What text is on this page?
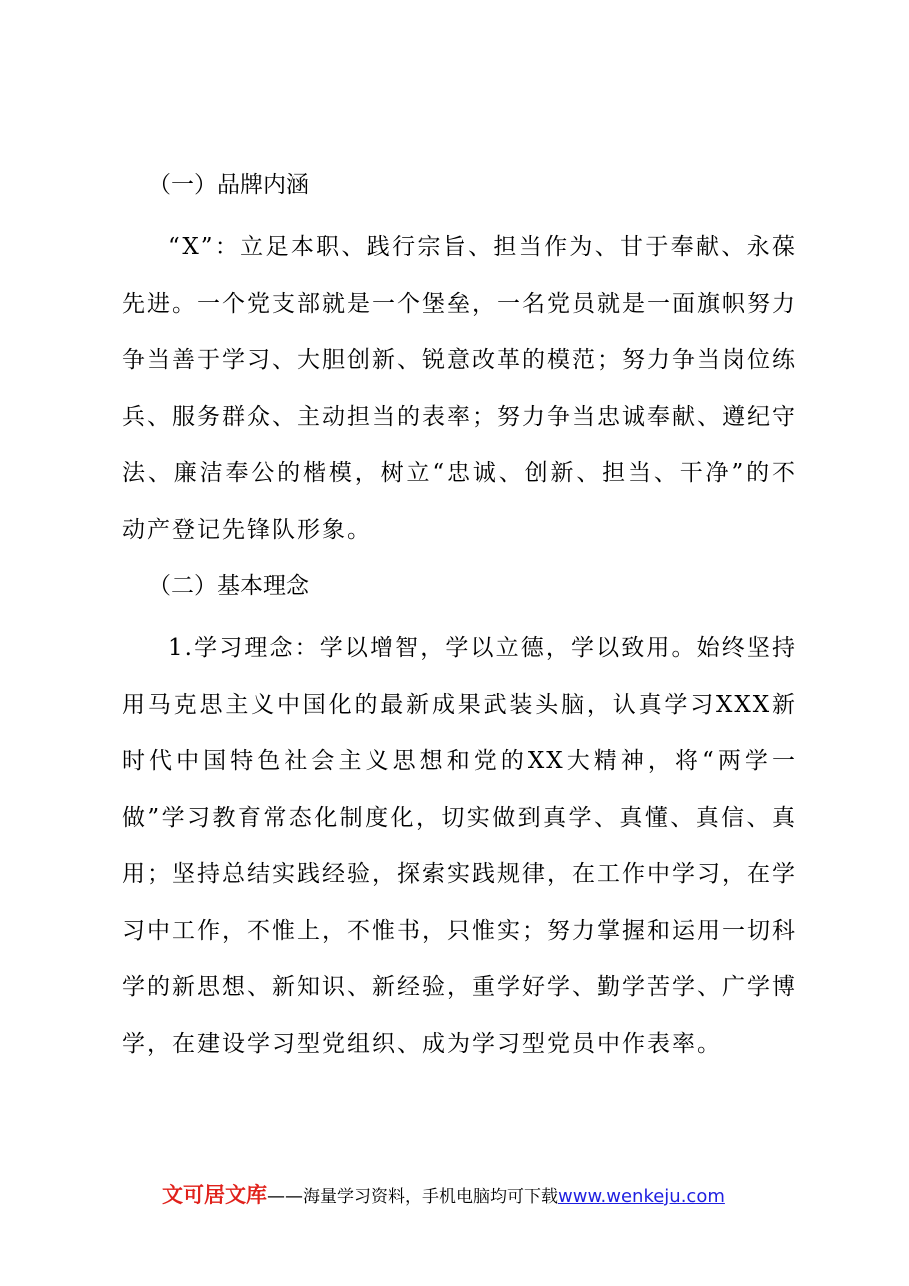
（一）品牌内涵

“X”：立足本职、践行宗旨、担当作为、甘于奉献、永葆先进。一个党支部就是一个堡垒，一名党员就是一面旗帜努力争当善于学习、大胆创新、锐意改革的模范；努力争当岗位练兵、服务群众、主动担当的表率；努力争当忠诚奉献、遵纪守法、廉洁奉公的楷模，树立“忠诚、创新、担当、干净”的不动产登记先锋队形象。

（二）基本理念

1.学习理念：学以增智，学以立德，学以致用。始终坚持用马克思主义中国化的最新成果武装头脑，认真学习XXX新时代中国特色社会主义思想和党的XX大精神，将“两学一做”学习教育常态化制度化，切实做到真学、真懂、真信、真用；坚持总结实践经验，探索实践规律，在工作中学习，在学习中工作，不惟上，不惟书，只惟实；努力掌握和运用一切科学的新思想、新知识、新经验，重学好学、勤学苦学、广学博学，在建设学习型党组织、成为学习型党员中作表率。

文可居文库——海量学习资料，手机电脑均可下载www.wenkeju.com
